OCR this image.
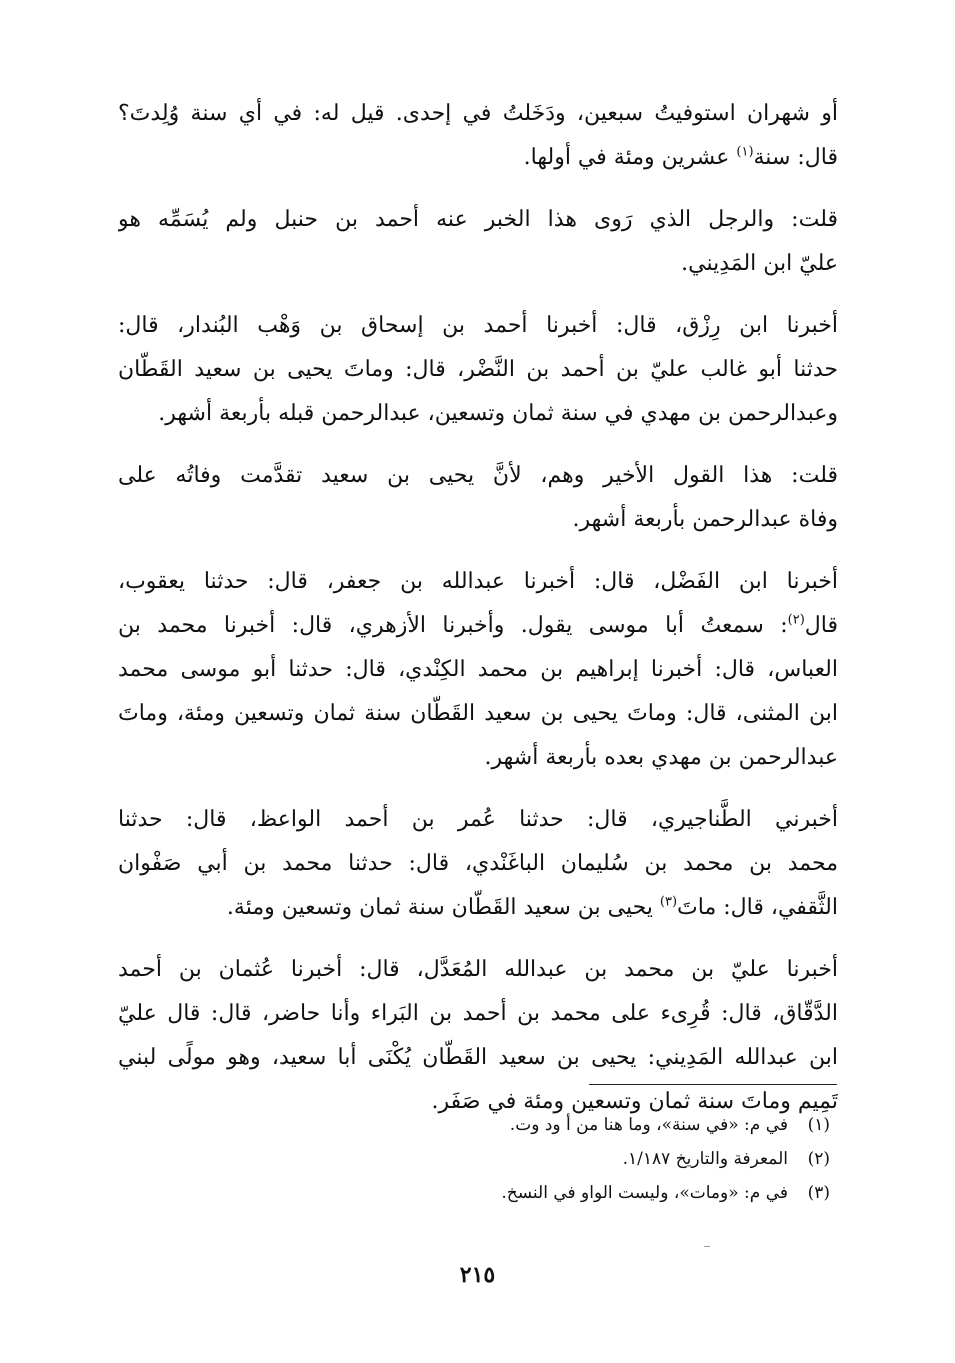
أو شهران استوفيتُ سبعين، ودَخَلتُ في إحدى. قيل له: في أي سنة وُلِدتَ؟
قال: سنة$^{(١)}$ عشرين ومئة في أولها.
قلت: والرجل الذي رَوى هذا الخبر عنه أحمد بن حنبل ولم يُسَمِّه هو
عليّ ابن المَدِيني.
أخبرنا ابن رِزْق، قال: أخبرنا أحمد بن إسحاق بن وَهْب البُندار، قال:
حدثنا أبو غالب عليّ بن أحمد بن النَّضْر، قال: وماتَ يحيى بن سعيد القَطّان
وعبدالرحمن بن مهدي في سنة ثمان وتسعين، عبدالرحمن قبله بأربعة أشهر.
قلت: هذا القول الأخير وهم، لأنَّ يحيى بن سعيد تقدَّمت وفاتُه على
وفاة عبدالرحمن بأربعة أشهر.
أخبرنا ابن الفَضْل، قال: أخبرنا عبدالله بن جعفر، قال: حدثنا يعقوب،
قال$^{(٢)}$: سمعتُ أبا موسى يقول. وأخبرنا الأزهري، قال: أخبرنا محمد بن
العباس، قال: أخبرنا إبراهيم بن محمد الكِنْدي، قال: حدثنا أبو موسى محمد
ابن المثنى، قال: وماتَ يحيى بن سعيد القَطّان سنة ثمان وتسعين ومئة، وماتَ
عبدالرحمن بن مهدي بعده بأربعة أشهر.
أخبرني الطَّناجيري، قال: حدثنا عُمر بن أحمد الواعظ، قال: حدثنا
محمد بن محمد بن سُليمان الباغَنْدي، قال: حدثنا محمد بن أبي صَفْوان
الثَّقفي، قال: ماتَ$^{(٣)}$ يحيى بن سعيد القَطّان سنة ثمان وتسعين ومئة.
أخبرنا عليّ بن محمد بن عبدالله المُعَدَّل، قال: أخبرنا عُثمان بن أحمد
الدَّقّاق، قال: قُرِىء على محمد بن أحمد بن البَراء وأنا حاضر، قال: قال عليّ
ابن عبدالله المَدِيني: يحيى بن سعيد القَطّان يُكْنَى أبا سعيد، وهو مولًى لبني
تَمِيم وماتَ سنة ثمان وتسعين ومئة في صَفَر.
(١)في م: «في سنة»، وما هنا من أ ود وت.
(٢)المعرفة والتاريخ ١/١٨٧.
(٣)في م: «ومات»، وليست الواو في النسخ.
٢١٥
